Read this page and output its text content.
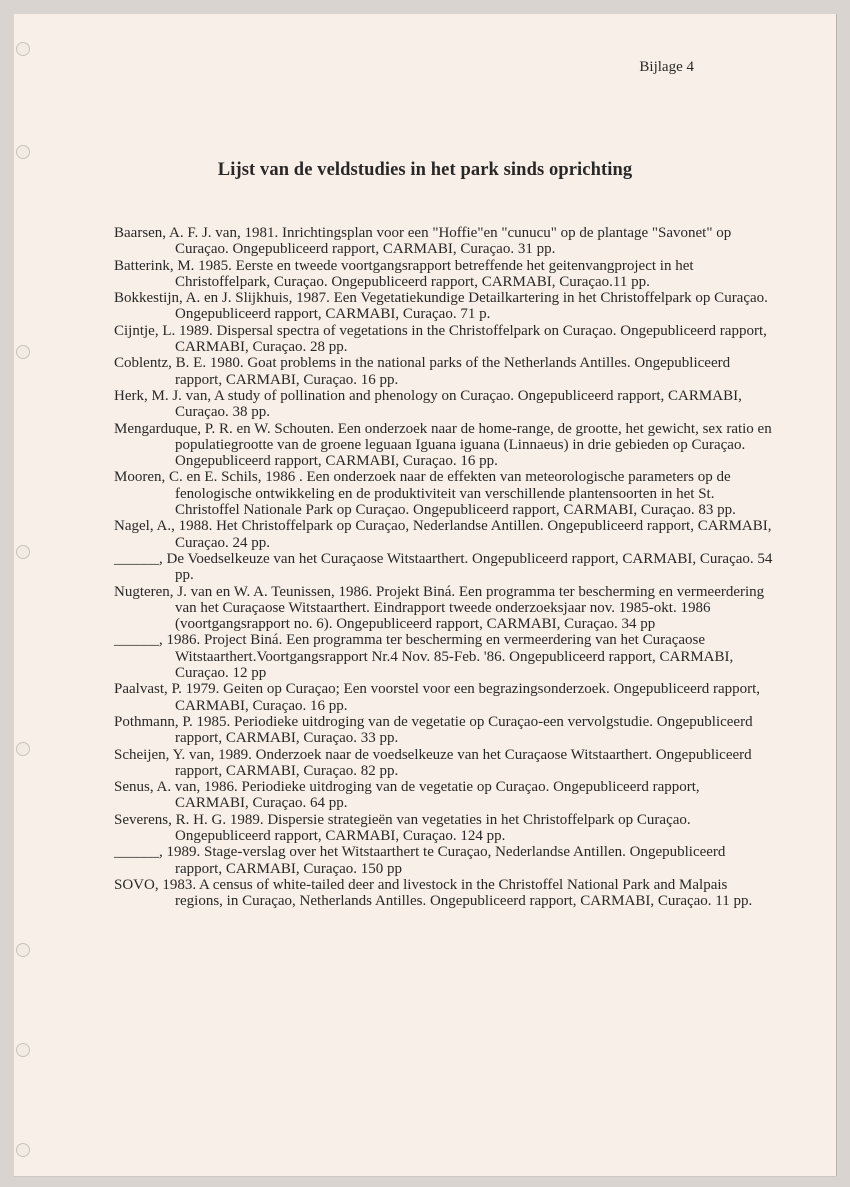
Bijlage 4
Lijst van de veldstudies in het park sinds oprichting

Baarsen, A. F. J. van, 1981. Inrichtingsplan voor een "Hoffie"en "cunucu" op de plantage "Savonet" op Curaçao. Ongepubliceerd rapport, CARMABI, Curaçao. 31 pp.

Batterink, M. 1985. Eerste en tweede voortgangsrapport betreffende het geitenvangproject in het Christoffelpark, Curaçao. Ongepubliceerd rapport, CARMABI, Curaçao.11 pp.

Bokkestijn, A. en J. Slijkhuis, 1987. Een Vegetatiekundige Detailkartering in het Christoffelpark op Curaçao. Ongepubliceerd rapport, CARMABI, Curaçao. 71 p.

Cijntje, L. 1989. Dispersal spectra of vegetations in the Christoffelpark on Curaçao. Ongepubliceerd rapport, CARMABI, Curaçao. 28 pp.

Coblentz, B. E. 1980. Goat problems in the national parks of the Netherlands Antilles. Ongepubliceerd rapport, CARMABI, Curaçao. 16 pp.

Herk, M. J. van, A study of pollination and phenology on Curaçao. Ongepubliceerd rapport, CARMABI, Curaçao. 38 pp.

Mengarduque, P. R. en W. Schouten. Een onderzoek naar de home-range, de grootte, het gewicht, sex ratio en populatiegrootte van de groene leguaan Iguana iguana (Linnaeus) in drie gebieden op Curaçao. Ongepubliceerd rapport, CARMABI, Curaçao. 16 pp.

Mooren, C. en E. Schils, 1986 . Een onderzoek naar de effekten van meteorologische parameters op de fenologische ontwikkeling en de produktiviteit van verschillende plantensoorten in het St. Christoffel Nationale Park op Curaçao. Ongepubliceerd rapport, CARMABI, Curaçao. 83 pp.

Nagel, A., 1988. Het Christoffelpark op Curaçao, Nederlandse Antillen. Ongepubliceerd rapport, CARMABI, Curaçao. 24 pp.

______, De Voedselkeuze van het Curaçaose Witstaarthert. Ongepubliceerd rapport, CARMABI, Curaçao. 54 pp.

Nugteren, J. van en W. A. Teunissen, 1986. Projekt Biná. Een programma ter bescherming en vermeerdering van het Curaçaose Witstaarthert. Eindrapport tweede onderzoeksjaar nov. 1985-okt. 1986 (voortgangsrapport no. 6). Ongepubliceerd rapport, CARMABI, Curaçao. 34 pp

______, 1986. Project Biná. Een programma ter bescherming en vermeerdering van het Curaçaose Witstaarthert.Voortgangsrapport Nr.4 Nov. 85-Feb. '86. Ongepubliceerd rapport, CARMABI, Curaçao. 12 pp

Paalvast, P. 1979. Geiten op Curaçao; Een voorstel voor een begrazingsonderzoek. Ongepubliceerd rapport, CARMABI, Curaçao. 16 pp.

Pothmann, P. 1985. Periodieke uitdroging van de vegetatie op Curaçao-een vervolgstudie. Ongepubliceerd rapport, CARMABI, Curaçao. 33 pp.

Scheijen, Y. van, 1989. Onderzoek naar de voedselkeuze van het Curaçaose Witstaarthert. Ongepubliceerd rapport, CARMABI, Curaçao. 82 pp.

Senus, A. van, 1986. Periodieke uitdroging van de vegetatie op Curaçao. Ongepubliceerd rapport, CARMABI, Curaçao. 64 pp.

Severens, R. H. G. 1989. Dispersie strategieën van vegetaties in het Christoffelpark op Curaçao. Ongepubliceerd rapport, CARMABI, Curaçao. 124 pp.

______, 1989. Stage-verslag over het Witstaarthert te Curaçao, Nederlandse Antillen. Ongepubliceerd rapport, CARMABI, Curaçao. 150 pp

SOVO, 1983. A census of white-tailed deer and livestock in the Christoffel National Park and Malpais regions, in Curaçao, Netherlands Antilles. Ongepubliceerd rapport, CARMABI, Curaçao. 11 pp.
